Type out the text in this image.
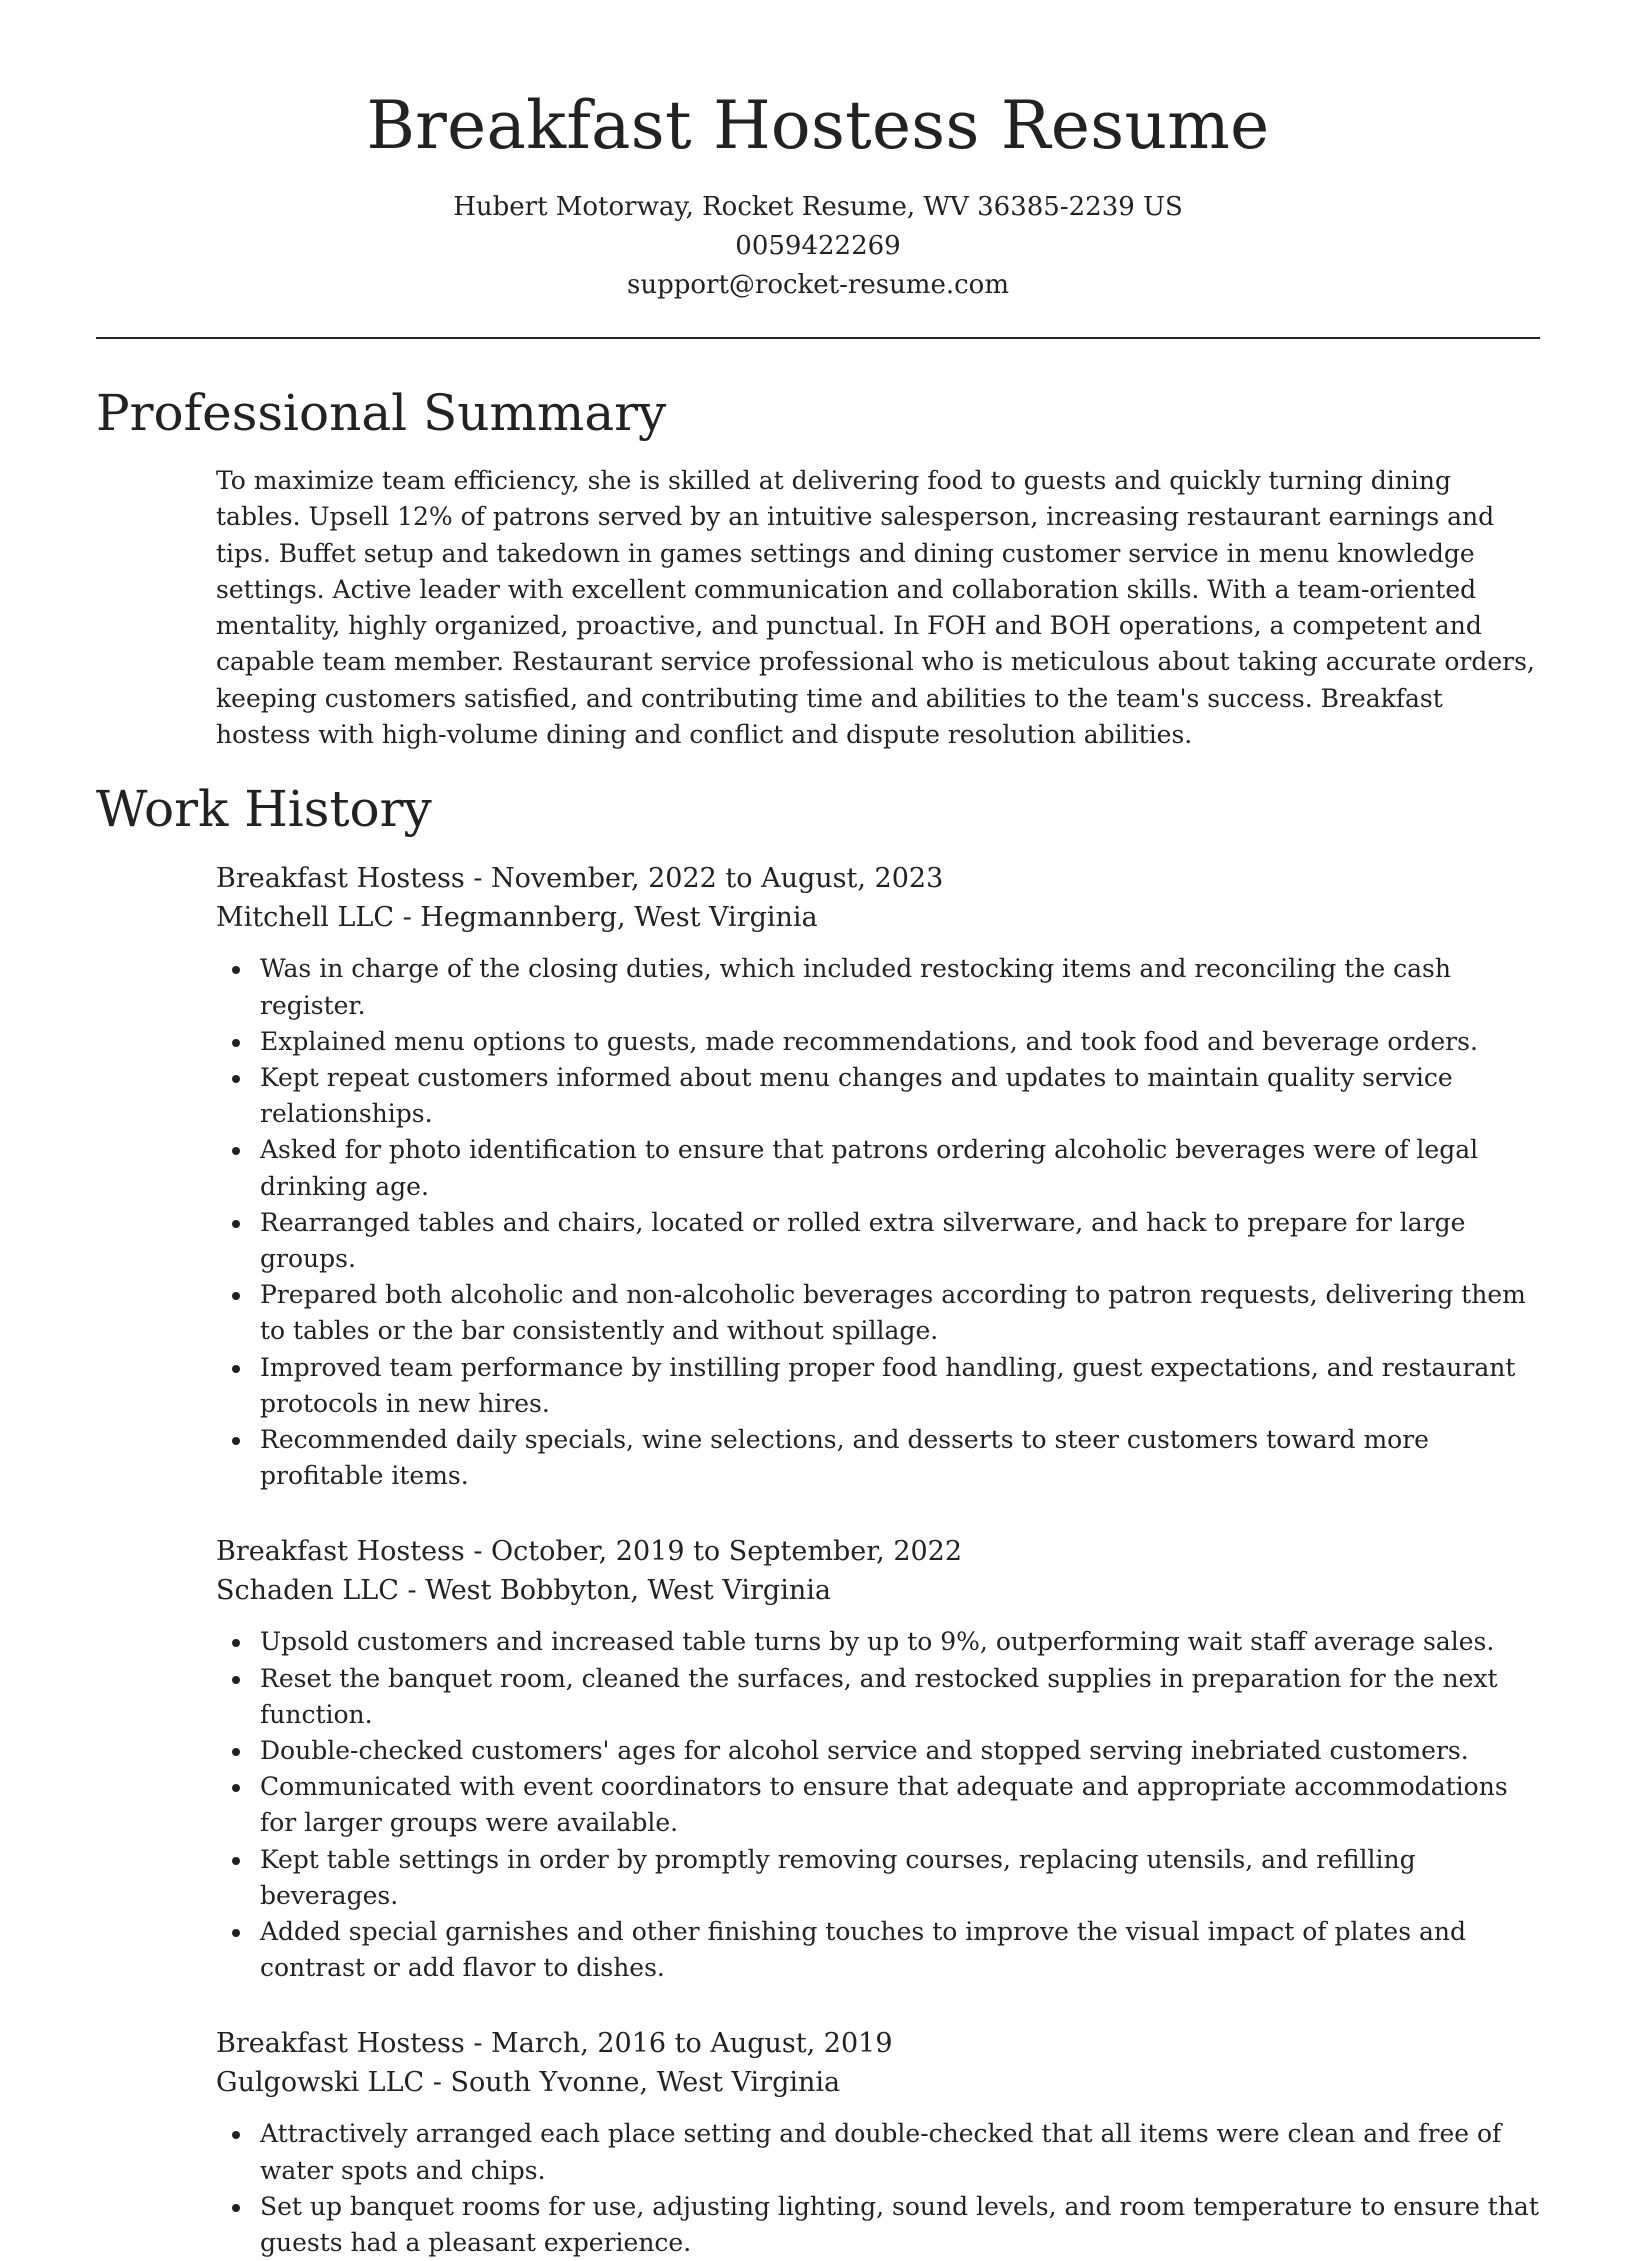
Breakfast Hostess Resume
Hubert Motorway, Rocket Resume, WV 36385-2239 US
0059422269
support@rocket-resume.com
Professional Summary

To maximize team efficiency, she is skilled at delivering food to guests and quickly turning dining tables. Upsell 12% of patrons served by an intuitive salesperson, increasing restaurant earnings and tips. Buffet setup and takedown in games settings and dining customer service in menu knowledge settings. Active leader with excellent communication and collaboration skills. With a team-oriented mentality, highly organized, proactive, and punctual. In FOH and BOH operations, a competent and capable team member. Restaurant service professional who is meticulous about taking accurate orders, keeping customers satisfied, and contributing time and abilities to the team's success. Breakfast hostess with high-volume dining and conflict and dispute resolution abilities.

Work History
Breakfast Hostess - November, 2022 to August, 2023
Mitchell LLC - Hegmannberg, West Virginia
Was in charge of the closing duties, which included restocking items and reconciling the cash register.
Explained menu options to guests, made recommendations, and took food and beverage orders.
Kept repeat customers informed about menu changes and updates to maintain quality service relationships.
Asked for photo identification to ensure that patrons ordering alcoholic beverages were of legal drinking age.
Rearranged tables and chairs, located or rolled extra silverware, and hack to prepare for large groups.
Prepared both alcoholic and non-alcoholic beverages according to patron requests, delivering them to tables or the bar consistently and without spillage.
Improved team performance by instilling proper food handling, guest expectations, and restaurant protocols in new hires.
Recommended daily specials, wine selections, and desserts to steer customers toward more profitable items.
Breakfast Hostess - October, 2019 to September, 2022
Schaden LLC - West Bobbyton, West Virginia
Upsold customers and increased table turns by up to 9%, outperforming wait staff average sales.
Reset the banquet room, cleaned the surfaces, and restocked supplies in preparation for the next function.
Double-checked customers' ages for alcohol service and stopped serving inebriated customers.
Communicated with event coordinators to ensure that adequate and appropriate accommodations for larger groups were available.
Kept table settings in order by promptly removing courses, replacing utensils, and refilling beverages.
Added special garnishes and other finishing touches to improve the visual impact of plates and contrast or add flavor to dishes.
Breakfast Hostess - March, 2016 to August, 2019
Gulgowski LLC - South Yvonne, West Virginia
Attractively arranged each place setting and double-checked that all items were clean and free of water spots and chips.
Set up banquet rooms for use, adjusting lighting, sound levels, and room temperature to ensure that guests had a pleasant experience.
